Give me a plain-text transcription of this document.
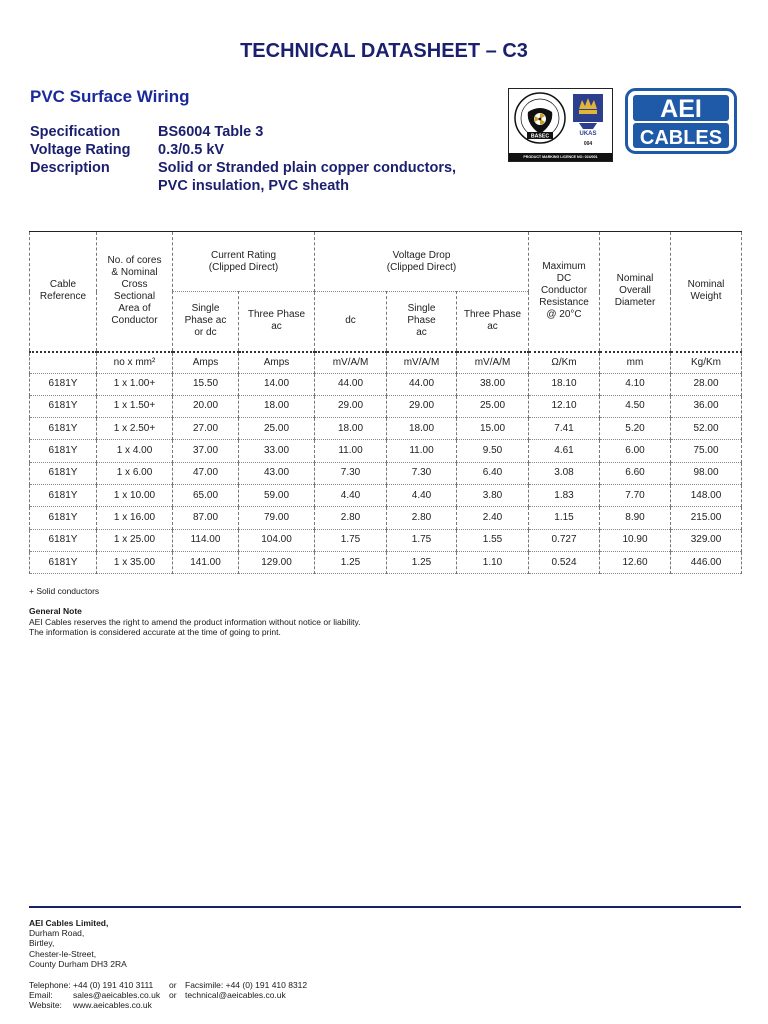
TECHNICAL DATASHEET – C3
PVC Surface Wiring
Specification	BS6004 Table 3
Voltage Rating	0.3/0.5 kV
Description	Solid or Stranded plain copper conductors,
PVC insulation, PVC sheath
BASEC	UKAS
004
PRODUCT MARKING LICENCE NO: 024/001
AEI
CABLES
Cable Reference	No. of cores & Nominal Cross Sectional Area of Conductor	Current Rating (Clipped Direct)		Voltage Drop (Clipped Direct)			Maximum DC Conductor Resistance @ 20°C	Nominal Overall Diameter	Nominal Weight
		Single Phase ac or dc	Three Phase ac	dc	Single Phase ac	Three Phase ac			
	no x mm²	Amps	Amps	mV/A/M	mV/A/M	mV/A/M	Ω/Km	mm	Kg/Km
6181Y	1 x 1.00+	15.50	14.00	44.00	44.00	38.00	18.10	4.10	28.00
6181Y	1 x 1.50+	20.00	18.00	29.00	29.00	25.00	12.10	4.50	36.00
6181Y	1 x 2.50+	27.00	25.00	18.00	18.00	15.00	7.41	5.20	52.00
6181Y	1 x 4.00	37.00	33.00	11.00	11.00	9.50	4.61	6.00	75.00
6181Y	1 x 6.00	47.00	43.00	7.30	7.30	6.40	3.08	6.60	98.00
6181Y	1 x 10.00	65.00	59.00	4.40	4.40	3.80	1.83	7.70	148.00
6181Y	1 x 16.00	87.00	79.00	2.80	2.80	2.40	1.15	8.90	215.00
6181Y	1 x 25.00	114.00	104.00	1.75	1.75	1.55	0.727	10.90	329.00
6181Y	1 x 35.00	141.00	129.00	1.25	1.25	1.10	0.524	12.60	446.00
+ Solid conductors
General Note
AEI Cables reserves the right to amend the product information without notice or liability.
The information is considered accurate at the time of going to print.
AEI Cables Limited,
Durham Road,
Birtley,
Chester-le-Street,
County Durham DH3 2RA
Telephone: +44 (0) 191 410 3111	or Facsimile: +44 (0) 191 410 8312
Email:	sales@aeicables.co.uk	or technical@aeicables.co.uk
Website:	www.aeicables.co.uk
